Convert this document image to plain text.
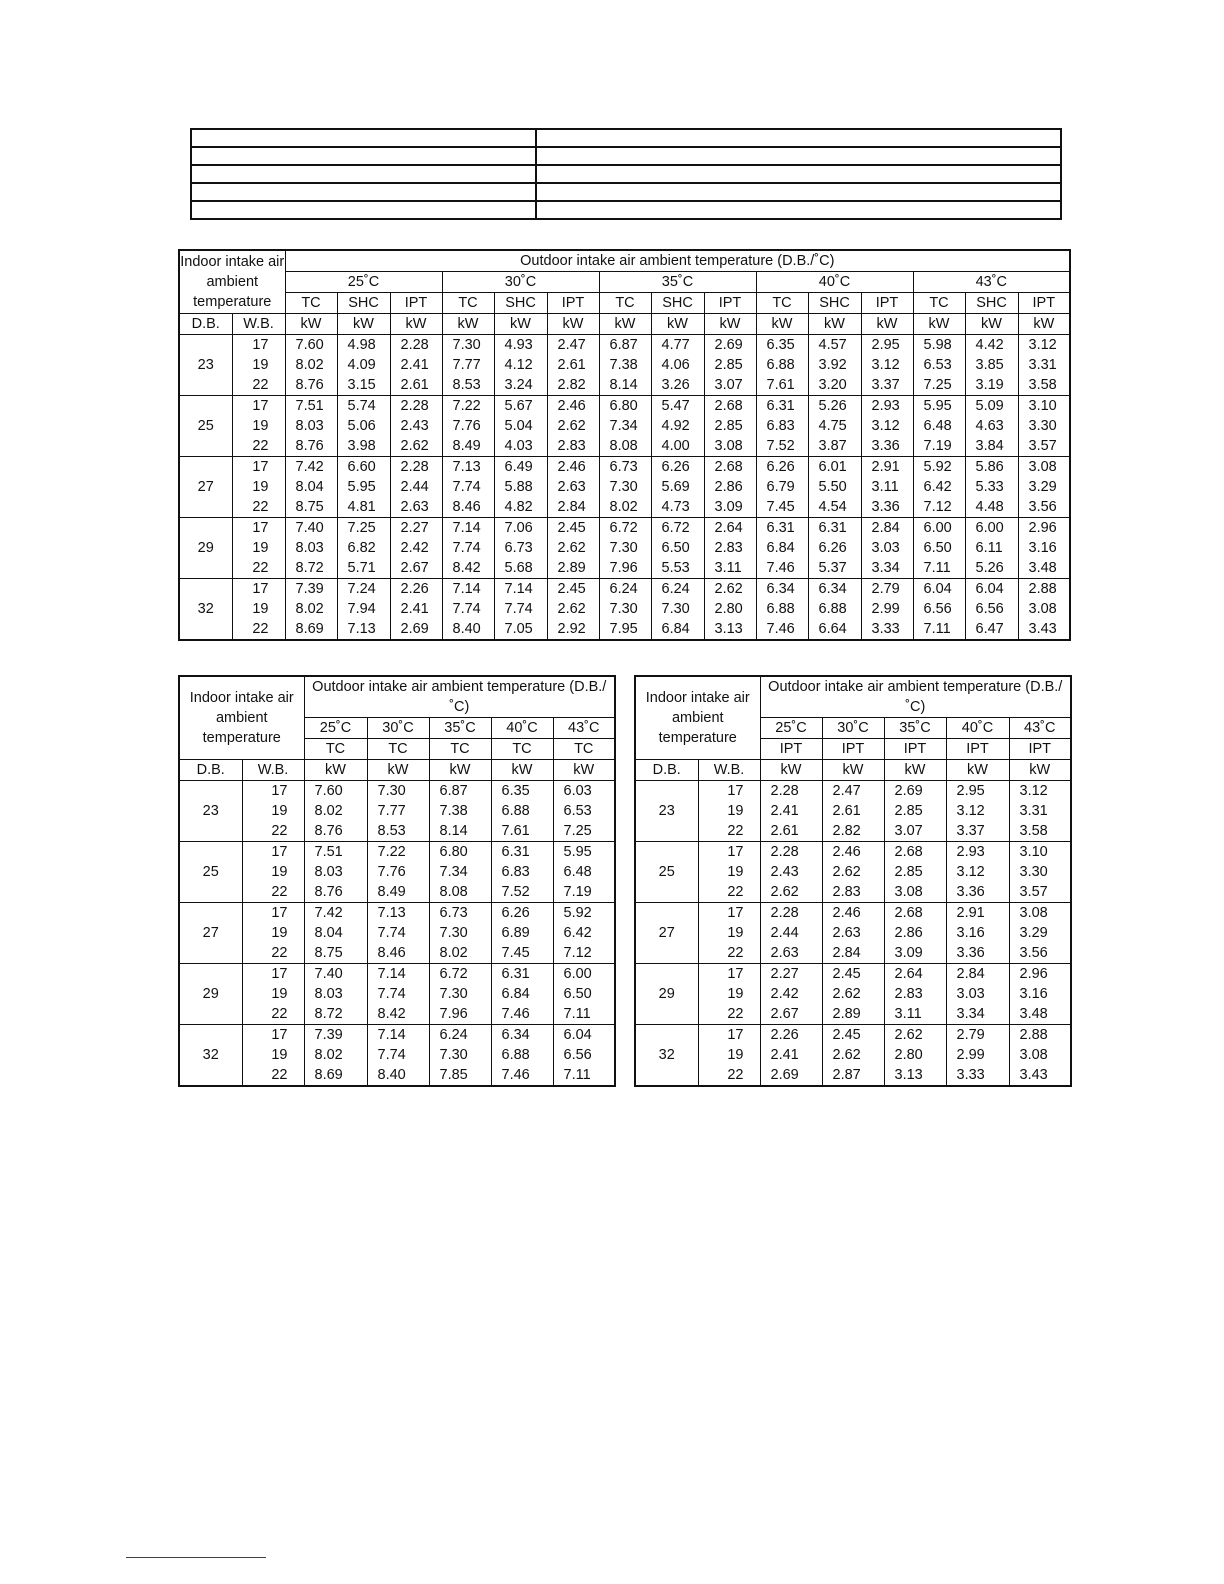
Indoor intake air ambient temperature		Outdoor intake air ambient temperature (D.B./˚C)														
		25˚C			30˚C			35˚C			40˚C			43˚C		
		TC	SHC	IPT	TC	SHC	IPT	TC	SHC	IPT	TC	SHC	IPT	TC	SHC	IPT
D.B.	W.B.	kW	kW	kW	kW	kW	kW	kW	kW	kW	kW	kW	kW	kW	kW	kW
23	17	7.60	4.98	2.28	7.30	4.93	2.47	6.87	4.77	2.69	6.35	4.57	2.95	5.98	4.42	3.12
	19	8.02	4.09	2.41	7.77	4.12	2.61	7.38	4.06	2.85	6.88	3.92	3.12	6.53	3.85	3.31
	22	8.76	3.15	2.61	8.53	3.24	2.82	8.14	3.26	3.07	7.61	3.20	3.37	7.25	3.19	3.58
25	17	7.51	5.74	2.28	7.22	5.67	2.46	6.80	5.47	2.68	6.31	5.26	2.93	5.95	5.09	3.10
	19	8.03	5.06	2.43	7.76	5.04	2.62	7.34	4.92	2.85	6.83	4.75	3.12	6.48	4.63	3.30
	22	8.76	3.98	2.62	8.49	4.03	2.83	8.08	4.00	3.08	7.52	3.87	3.36	7.19	3.84	3.57
27	17	7.42	6.60	2.28	7.13	6.49	2.46	6.73	6.26	2.68	6.26	6.01	2.91	5.92	5.86	3.08
	19	8.04	5.95	2.44	7.74	5.88	2.63	7.30	5.69	2.86	6.79	5.50	3.11	6.42	5.33	3.29
	22	8.75	4.81	2.63	8.46	4.82	2.84	8.02	4.73	3.09	7.45	4.54	3.36	7.12	4.48	3.56
29	17	7.40	7.25	2.27	7.14	7.06	2.45	6.72	6.72	2.64	6.31	6.31	2.84	6.00	6.00	2.96
	19	8.03	6.82	2.42	7.74	6.73	2.62	7.30	6.50	2.83	6.84	6.26	3.03	6.50	6.11	3.16
	22	8.72	5.71	2.67	8.42	5.68	2.89	7.96	5.53	3.11	7.46	5.37	3.34	7.11	5.26	3.48
32	17	7.39	7.24	2.26	7.14	7.14	2.45	6.24	6.24	2.62	6.34	6.34	2.79	6.04	6.04	2.88
	19	8.02	7.94	2.41	7.74	7.74	2.62	7.30	7.30	2.80	6.88	6.88	2.99	6.56	6.56	3.08
	22	8.69	7.13	2.69	8.40	7.05	2.92	7.95	6.84	3.13	7.46	6.64	3.33	7.11	6.47	3.43
Indoor intake air ambient temperature		Outdoor intake air ambient temperature (D.B./˚C)				
		25˚C	30˚C	35˚C	40˚C	43˚C
		TC	TC	TC	TC	TC
D.B.	W.B.	kW	kW	kW	kW	kW
23	17	7.60	7.30	6.87	6.35	6.03
	19	8.02	7.77	7.38	6.88	6.53
	22	8.76	8.53	8.14	7.61	7.25
25	17	7.51	7.22	6.80	6.31	5.95
	19	8.03	7.76	7.34	6.83	6.48
	22	8.76	8.49	8.08	7.52	7.19
27	17	7.42	7.13	6.73	6.26	5.92
	19	8.04	7.74	7.30	6.89	6.42
	22	8.75	8.46	8.02	7.45	7.12
29	17	7.40	7.14	6.72	6.31	6.00
	19	8.03	7.74	7.30	6.84	6.50
	22	8.72	8.42	7.96	7.46	7.11
32	17	7.39	7.14	6.24	6.34	6.04
	19	8.02	7.74	7.30	6.88	6.56
	22	8.69	8.40	7.85	7.46	7.11
Indoor intake air ambient temperature		Outdoor intake air ambient temperature (D.B./˚C)				
		25˚C	30˚C	35˚C	40˚C	43˚C
		IPT	IPT	IPT	IPT	IPT
D.B.	W.B.	kW	kW	kW	kW	kW
23	17	2.28	2.47	2.69	2.95	3.12
	19	2.41	2.61	2.85	3.12	3.31
	22	2.61	2.82	3.07	3.37	3.58
25	17	2.28	2.46	2.68	2.93	3.10
	19	2.43	2.62	2.85	3.12	3.30
	22	2.62	2.83	3.08	3.36	3.57
27	17	2.28	2.46	2.68	2.91	3.08
	19	2.44	2.63	2.86	3.16	3.29
	22	2.63	2.84	3.09	3.36	3.56
29	17	2.27	2.45	2.64	2.84	2.96
	19	2.42	2.62	2.83	3.03	3.16
	22	2.67	2.89	3.11	3.34	3.48
32	17	2.26	2.45	2.62	2.79	2.88
	19	2.41	2.62	2.80	2.99	3.08
	22	2.69	2.87	3.13	3.33	3.43
